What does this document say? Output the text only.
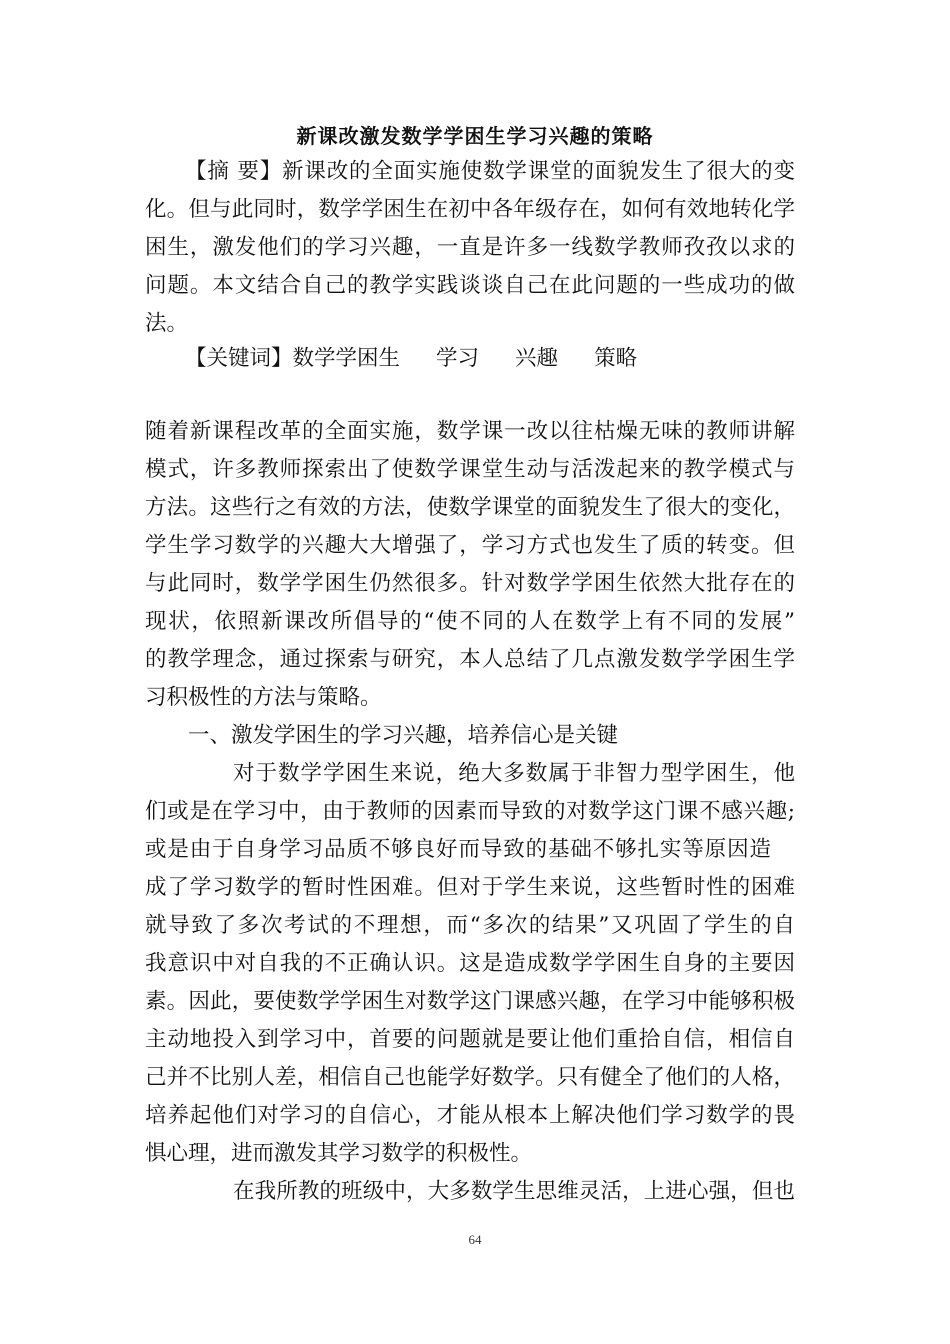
新课改激发数学学困生学习兴趣的策略
【摘 要】新课改的全面实施使数学课堂的面貌发生了很大的变
化。但与此同时，数学学困生在初中各年级存在，如何有效地转化学
困生，激发他们的学习兴趣，一直是许多一线数学教师孜孜以求的
问题。本文结合自己的教学实践谈谈自己在此问题的一些成功的做
法。
【关键词】数学学困生 学习 兴趣 策略
随着新课程改革的全面实施，数学课一改以往枯燥无味的教师讲解
模式，许多教师探索出了使数学课堂生动与活泼起来的教学模式与
方法。这些行之有效的方法，使数学课堂的面貌发生了很大的变化，
学生学习数学的兴趣大大增强了，学习方式也发生了质的转变。但
与此同时，数学学困生仍然很多。针对数学学困生依然大批存在的
现状，依照新课改所倡导的“使不同的人在数学上有不同的发展”
的教学理念，通过探索与研究，本人总结了几点激发数学学困生学
习积极性的方法与策略。
一、激发学困生的学习兴趣，培养信心是关键
对于数学学困生来说，绝大多数属于非智力型学困生，他
们或是在学习中，由于教师的因素而导致的对数学这门课不感兴趣;
或是由于自身学习品质不够良好而导致的基础不够扎实等原因造
成了学习数学的暂时性困难。但对于学生来说，这些暂时性的困难
就导致了多次考试的不理想，而“多次的结果”又巩固了学生的自
我意识中对自我的不正确认识。这是造成数学学困生自身的主要因
素。因此，要使数学学困生对数学这门课感兴趣，在学习中能够积极
主动地投入到学习中，首要的问题就是要让他们重拾自信，相信自
己并不比别人差，相信自己也能学好数学。只有健全了他们的人格，
培养起他们对学习的自信心，才能从根本上解决他们学习数学的畏
惧心理，进而激发其学习数学的积极性。
在我所教的班级中，大多数学生思维灵活，上进心强，但也
64
